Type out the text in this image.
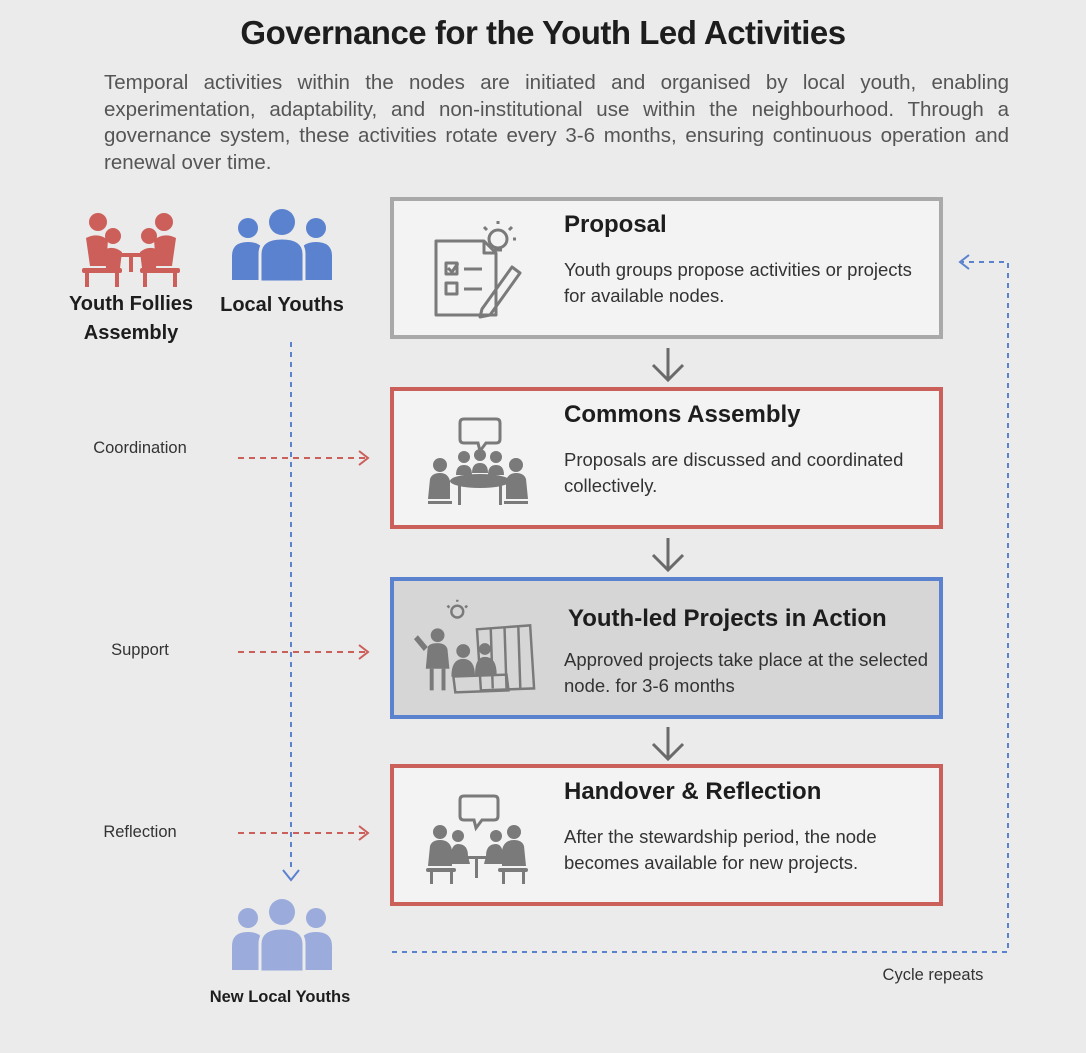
Governance for the Youth Led Activities

Temporal activities within the nodes are initiated and organised by local youth, enabling experimentation, adaptability, and non-institutional use within the neighbourhood. Through a governance system, these activities rotate every 3-6 months, ensuring continuous operation and renewal over time.

Youth Follies Assembly
Local Youths
Coordination
Support
Reflection
Proposal

Youth groups propose activities or projects for available nodes.

Commons Assembly

Proposals are discussed and coordinated collectively.

Youth-led Projects in Action

Approved projects take place at the selected node. for 3-6 months

Handover & Reflection

After the stewardship period, the node becomes available for new projects.

New Local Youths
Cycle repeats
